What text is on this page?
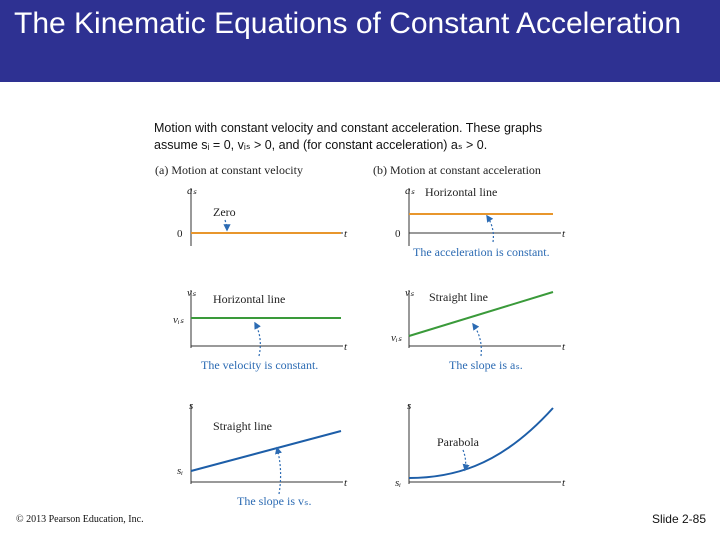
The Kinematic Equations of Constant Acceleration
Motion with constant velocity and constant acceleration. These graphs
assume sᵢ = 0, vᵢₛ > 0, and (for constant acceleration) aₛ > 0.
(a) Motion at constant velocity	(b) Motion at constant acceleration
aₛ
0	t
Zero
vₛ
vᵢₛ
t
Horizontal line
The velocity is constant.
s
sᵢ
t
Straight line
The slope is vₛ.
aₛ
0	t
Horizontal line
The acceleration is constant.
vₛ
vᵢₛ
t
Straight line
The slope is aₛ.
s
sᵢ	t
Parabola
© 2013 Pearson Education, Inc.	Slide 2-85
